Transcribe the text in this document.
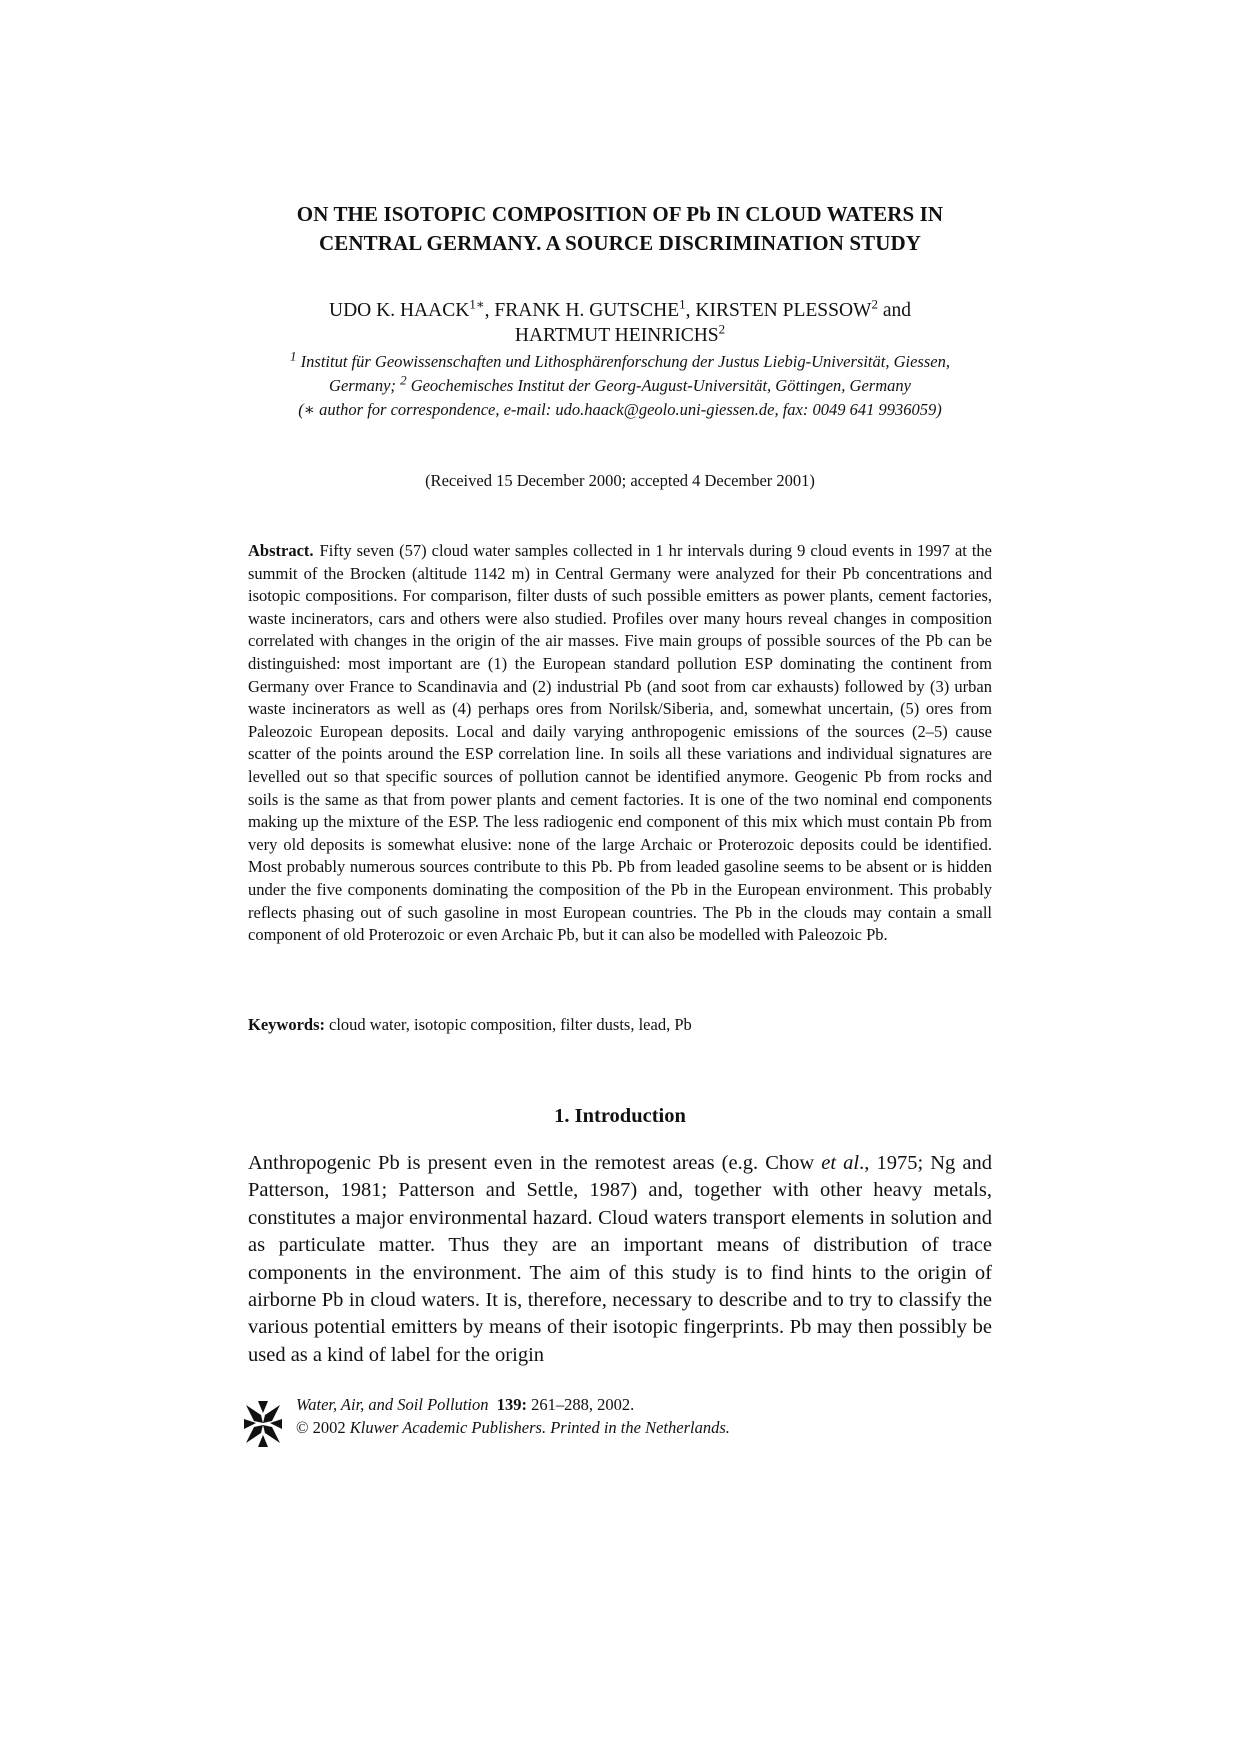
ON THE ISOTOPIC COMPOSITION OF Pb IN CLOUD WATERS IN
CENTRAL GERMANY. A SOURCE DISCRIMINATION STUDY
UDO K. $HAACK^{1∗}$, FRANK H. GUTSCHE$^1$, KIRSTEN PLESSOW$^2$ and
HARTMUT HEINRICHS$^2$
$^1$ Institut für Geowissenschaften und Lithosphärenforschung der Justus Liebig-Universität, Giessen,
Germany; $^2$ Geochemisches Institut der Georg-August-Universität, Göttingen, Germany
(∗ author for correspondence, e-mail: udo.haack@geolo.uni-giessen.de, fax: 0049 641 9936059)
(Received 15 December 2000; accepted 4 December 2001)
Abstract. Fifty seven (57) cloud water samples collected in 1 hr intervals during 9 cloud events in 1997 at the summit of the Brocken (altitude 1142 m) in Central Germany were analyzed for their Pb concentrations and isotopic compositions. For comparison, filter dusts of such possible emitters as power plants, cement factories, waste incinerators, cars and others were also studied. Profiles over many hours reveal changes in composition correlated with changes in the origin of the air masses. Five main groups of possible sources of the Pb can be distinguished: most important are (1) the European standard pollution ESP dominating the continent from Germany over France to Scandinavia and (2) industrial Pb (and soot from car exhausts) followed by (3) urban waste incinerators as well as (4) perhaps ores from Norilsk/Siberia, and, somewhat uncertain, (5) ores from Paleozoic European deposits. Local and daily varying anthropogenic emissions of the sources (2–5) cause scatter of the points around the ESP correlation line. In soils all these variations and individual signatures are levelled out so that specific sources of pollution cannot be identified anymore. Geogenic Pb from rocks and soils is the same as that from power plants and cement factories. It is one of the two nominal end components making up the mixture of the ESP. The less radiogenic end component of this mix which must contain Pb from very old deposits is somewhat elusive: none of the large Archaic or Proterozoic deposits could be identified. Most probably numerous sources contribute to this Pb. Pb from leaded gasoline seems to be absent or is hidden under the five components dominating the composition of the Pb in the European environment. This probably reflects phasing out of such gasoline in most European countries. The Pb in the clouds may contain a small component of old Proterozoic or even Archaic Pb, but it can also be modelled with Paleozoic Pb.
Keywords: cloud water, isotopic composition, filter dusts, lead, Pb
1. Introduction
Anthropogenic Pb is present even in the remotest areas (e.g. Chow et al., 1975; Ng and Patterson, 1981; Patterson and Settle, 1987) and, together with other heavy metals, constitutes a major environmental hazard. Cloud waters transport elements in solution and as particulate matter. Thus they are an important means of distribution of trace components in the environment. The aim of this study is to find hints to the origin of airborne Pb in cloud waters. It is, therefore, necessary to describe and to try to classify the various potential emitters by means of their isotopic fingerprints. Pb may then possibly be used as a kind of label for the origin
Water, Air, and Soil Pollution 139: 261–288, 2002.
© 2002 Kluwer Academic Publishers. Printed in the Netherlands.
